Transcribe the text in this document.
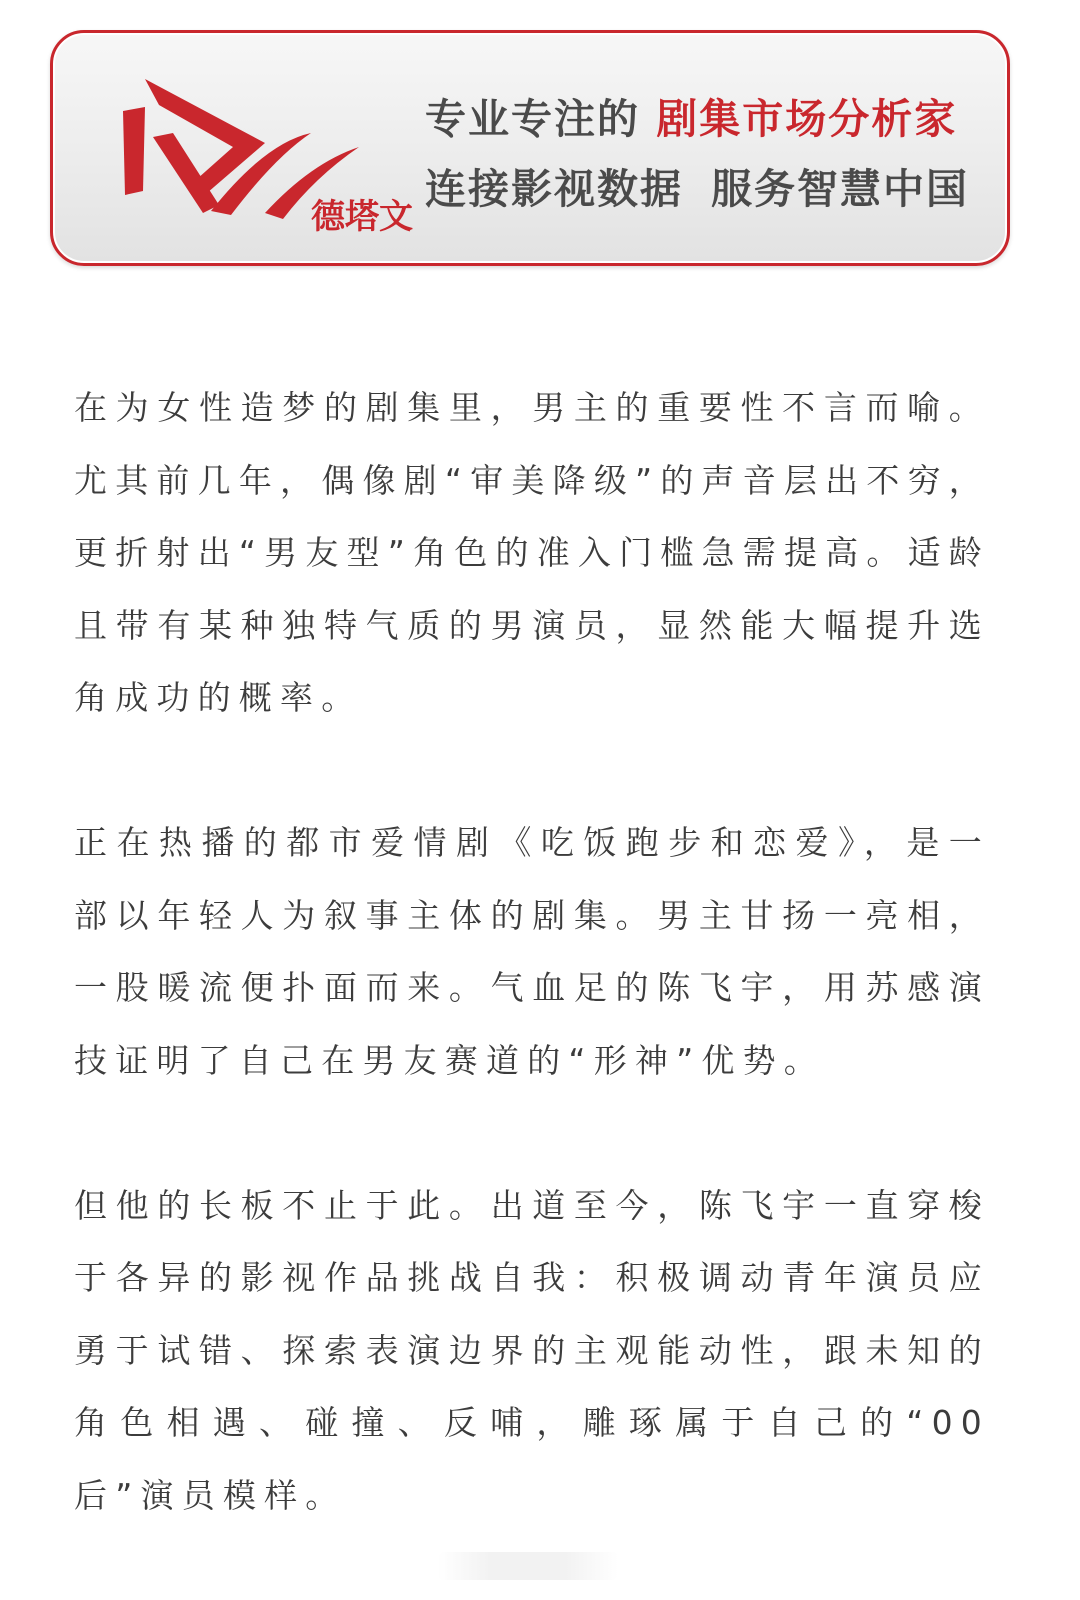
德塔文
专业专注的 剧集市场分析家
连接影视数据 服务智慧中国

在为女性造梦的剧集里，男主的重要性不言而喻。尤其前几年，偶像剧“审美降级”的声音层出不穷，更折射出“男友型”角色的准入门槛急需提高。适龄且带有某种独特气质的男演员，显然能大幅提升选角成功的概率。

正在热播的都市爱情剧《吃饭跑步和恋爱》，是一部以年轻人为叙事主体的剧集。男主甘扬一亮相，一股暖流便扑面而来。气血足的陈飞宇，用苏感演技证明了自己在男友赛道的“形神”优势。

但他的长板不止于此。出道至今，陈飞宇一直穿梭于各异的影视作品挑战自我：积极调动青年演员应勇于试错、探索表演边界的主观能动性，跟未知的角色相遇、碰撞、反哺，雕琢属于自己的“00后”演员模样。
